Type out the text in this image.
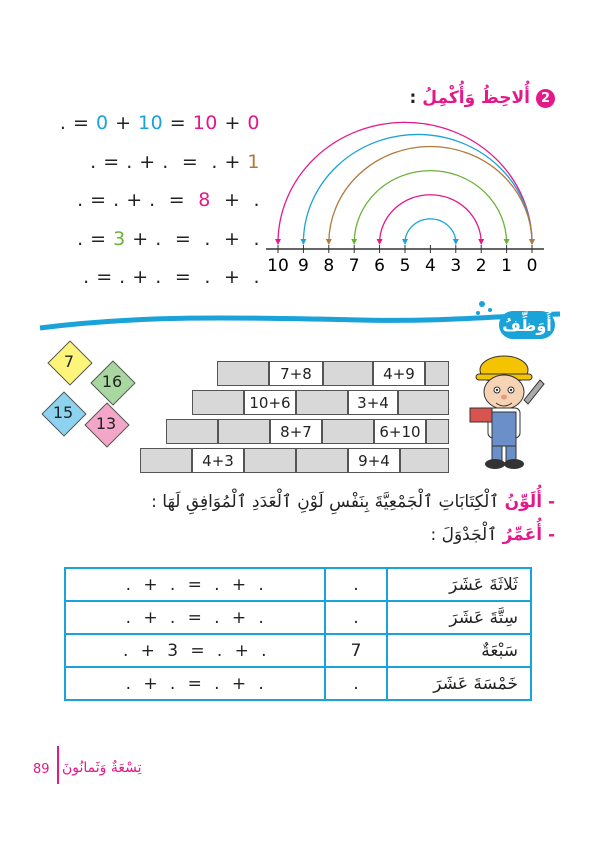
2
أُلاحِظُ وَأُكْمِلُ
:
. = 0 + 10 = 10 + 0
. = . + .  =  . + 1
. = . + .  = 8 +  .
. = 3 + .  =  .  +  .
. = . + .  =  .  +  .
10 9 8 7 6 5 4 3 2 1 0
أُوَظِّفُ
7
16
15
13
7+8	4+9
10+6	3+4
8+7	6+10
4+3	9+4
- أُلَوِّنُ ٱلْكِتَابَاتِ ٱلْجَمْعِيَّةَ بِنَفْسِ لَوْنِ ٱلْعَدَدِ ٱلْمُوَافِقِ لَهَا :
- أُعَمِّرُ ٱلْجَدْوَلَ :
.  +  .  =  .  +  .	.	ثَلاثَةَ عَشَرَ
.  +  .  =  .  +  .	.	سِتَّةَ عَشَرَ
.  +  3  =  .  +  .	7	سَبْعَةٌ
.  +  .  =  .  +  .	.	خَمْسَةَ عَشَرَ
89 تِسْعَةٌ وَثَمانُونَ
